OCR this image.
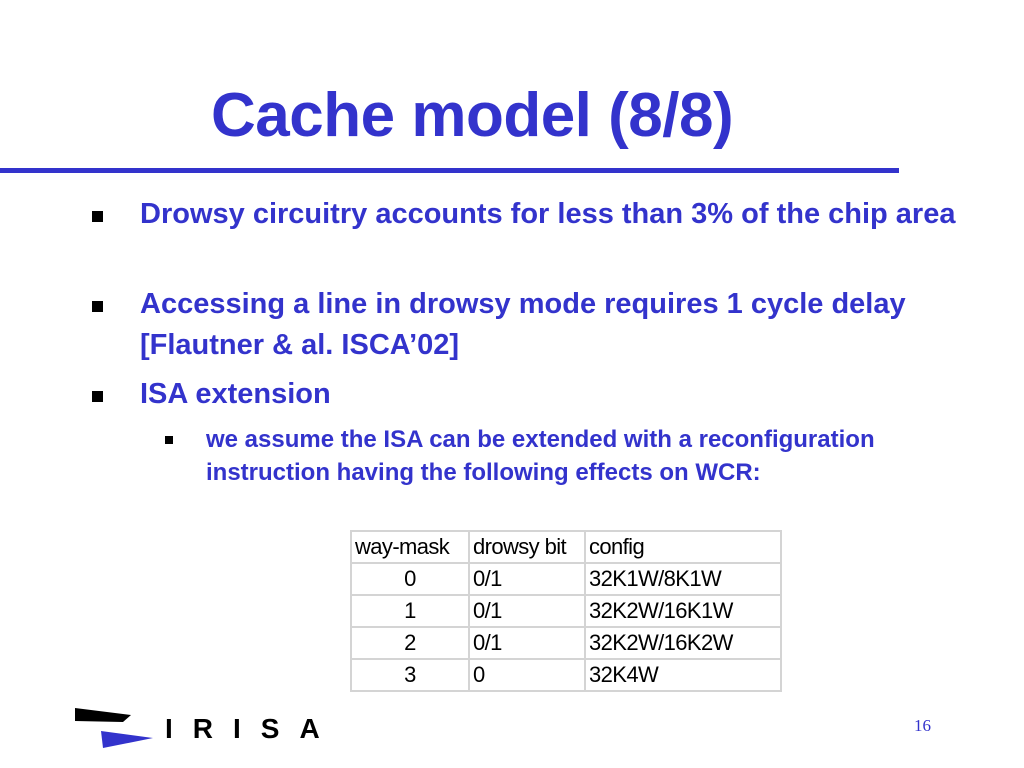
Cache model (8/8)
Drowsy circuitry accounts for less than 3% of the chip area
Accessing a line in drowsy mode requires 1 cycle delay [Flautner & al. ISCA’02]
ISA extension
we assume the ISA can be extended with a reconfiguration instruction having the following effects on WCR:
way-mask	drowsy bit	config
0	0/1	32K1W/8K1W
1	0/1	32K2W/16K1W
2	0/1	32K2W/16K2W
3	0	32K4W
IRISA	16
